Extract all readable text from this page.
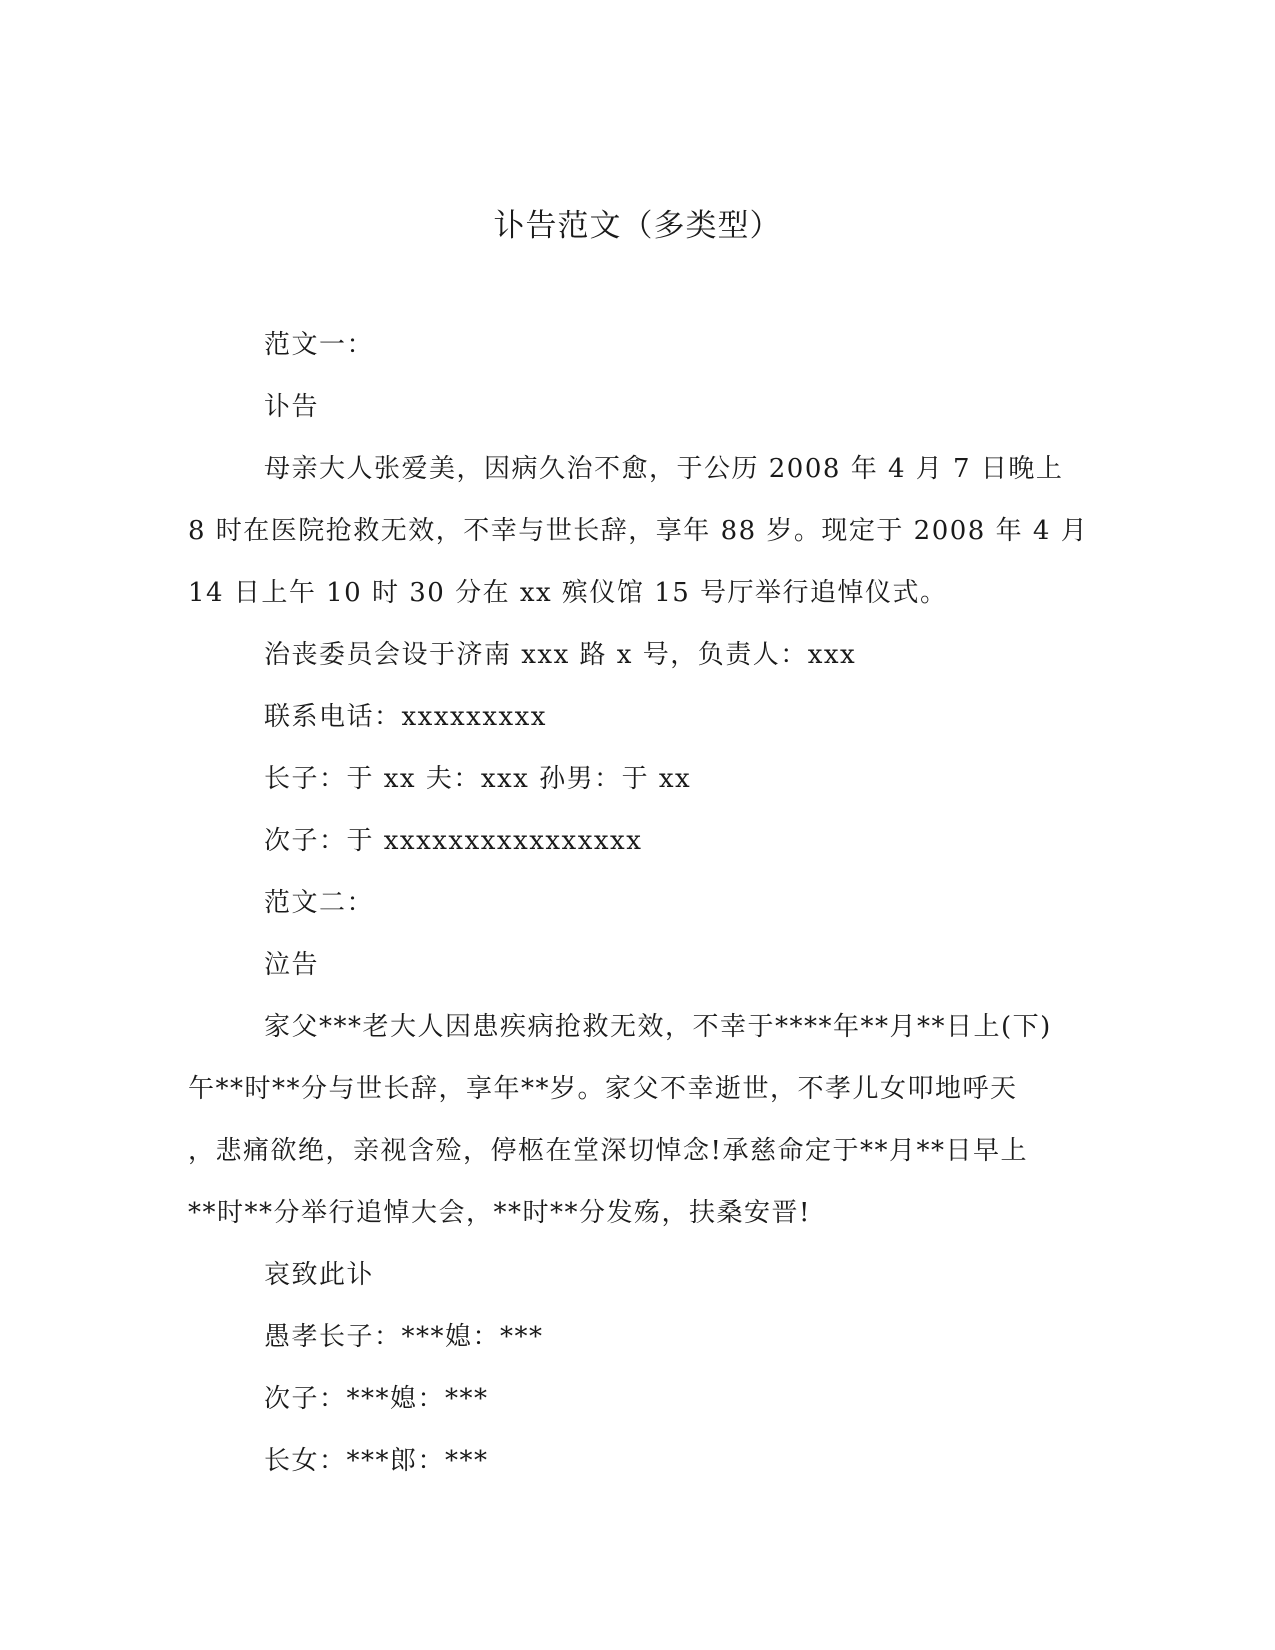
讣告范文（多类型）

范文一：

讣告

母亲大人张爱美，因病久治不愈，于公历 2008 年 4 月 7 日晚上

8 时在医院抢救无效，不幸与世长辞，享年 88 岁。现定于 2008 年 4 月

14 日上午 10 时 30 分在 xx 殡仪馆 15 号厅举行追悼仪式。

治丧委员会设于济南 xxx 路 x 号，负责人：xxx

联系电话：xxxxxxxxx

长子：于 xx 夫：xxx 孙男：于 xx

次子：于 xxxxxxxxxxxxxxxx

范文二：

泣告

家父***老大人因患疾病抢救无效，不幸于****年**月**日上(下)

午**时**分与世长辞，享年**岁。家父不幸逝世，不孝儿女叩地呼天

，悲痛欲绝，亲视含殓，停柩在堂深切悼念!承慈命定于**月**日早上

**时**分举行追悼大会，**时**分发殇，扶桑安晋!

哀致此讣

愚孝长子：***媳：***

次子：***媳：***

长女：***郎：***
